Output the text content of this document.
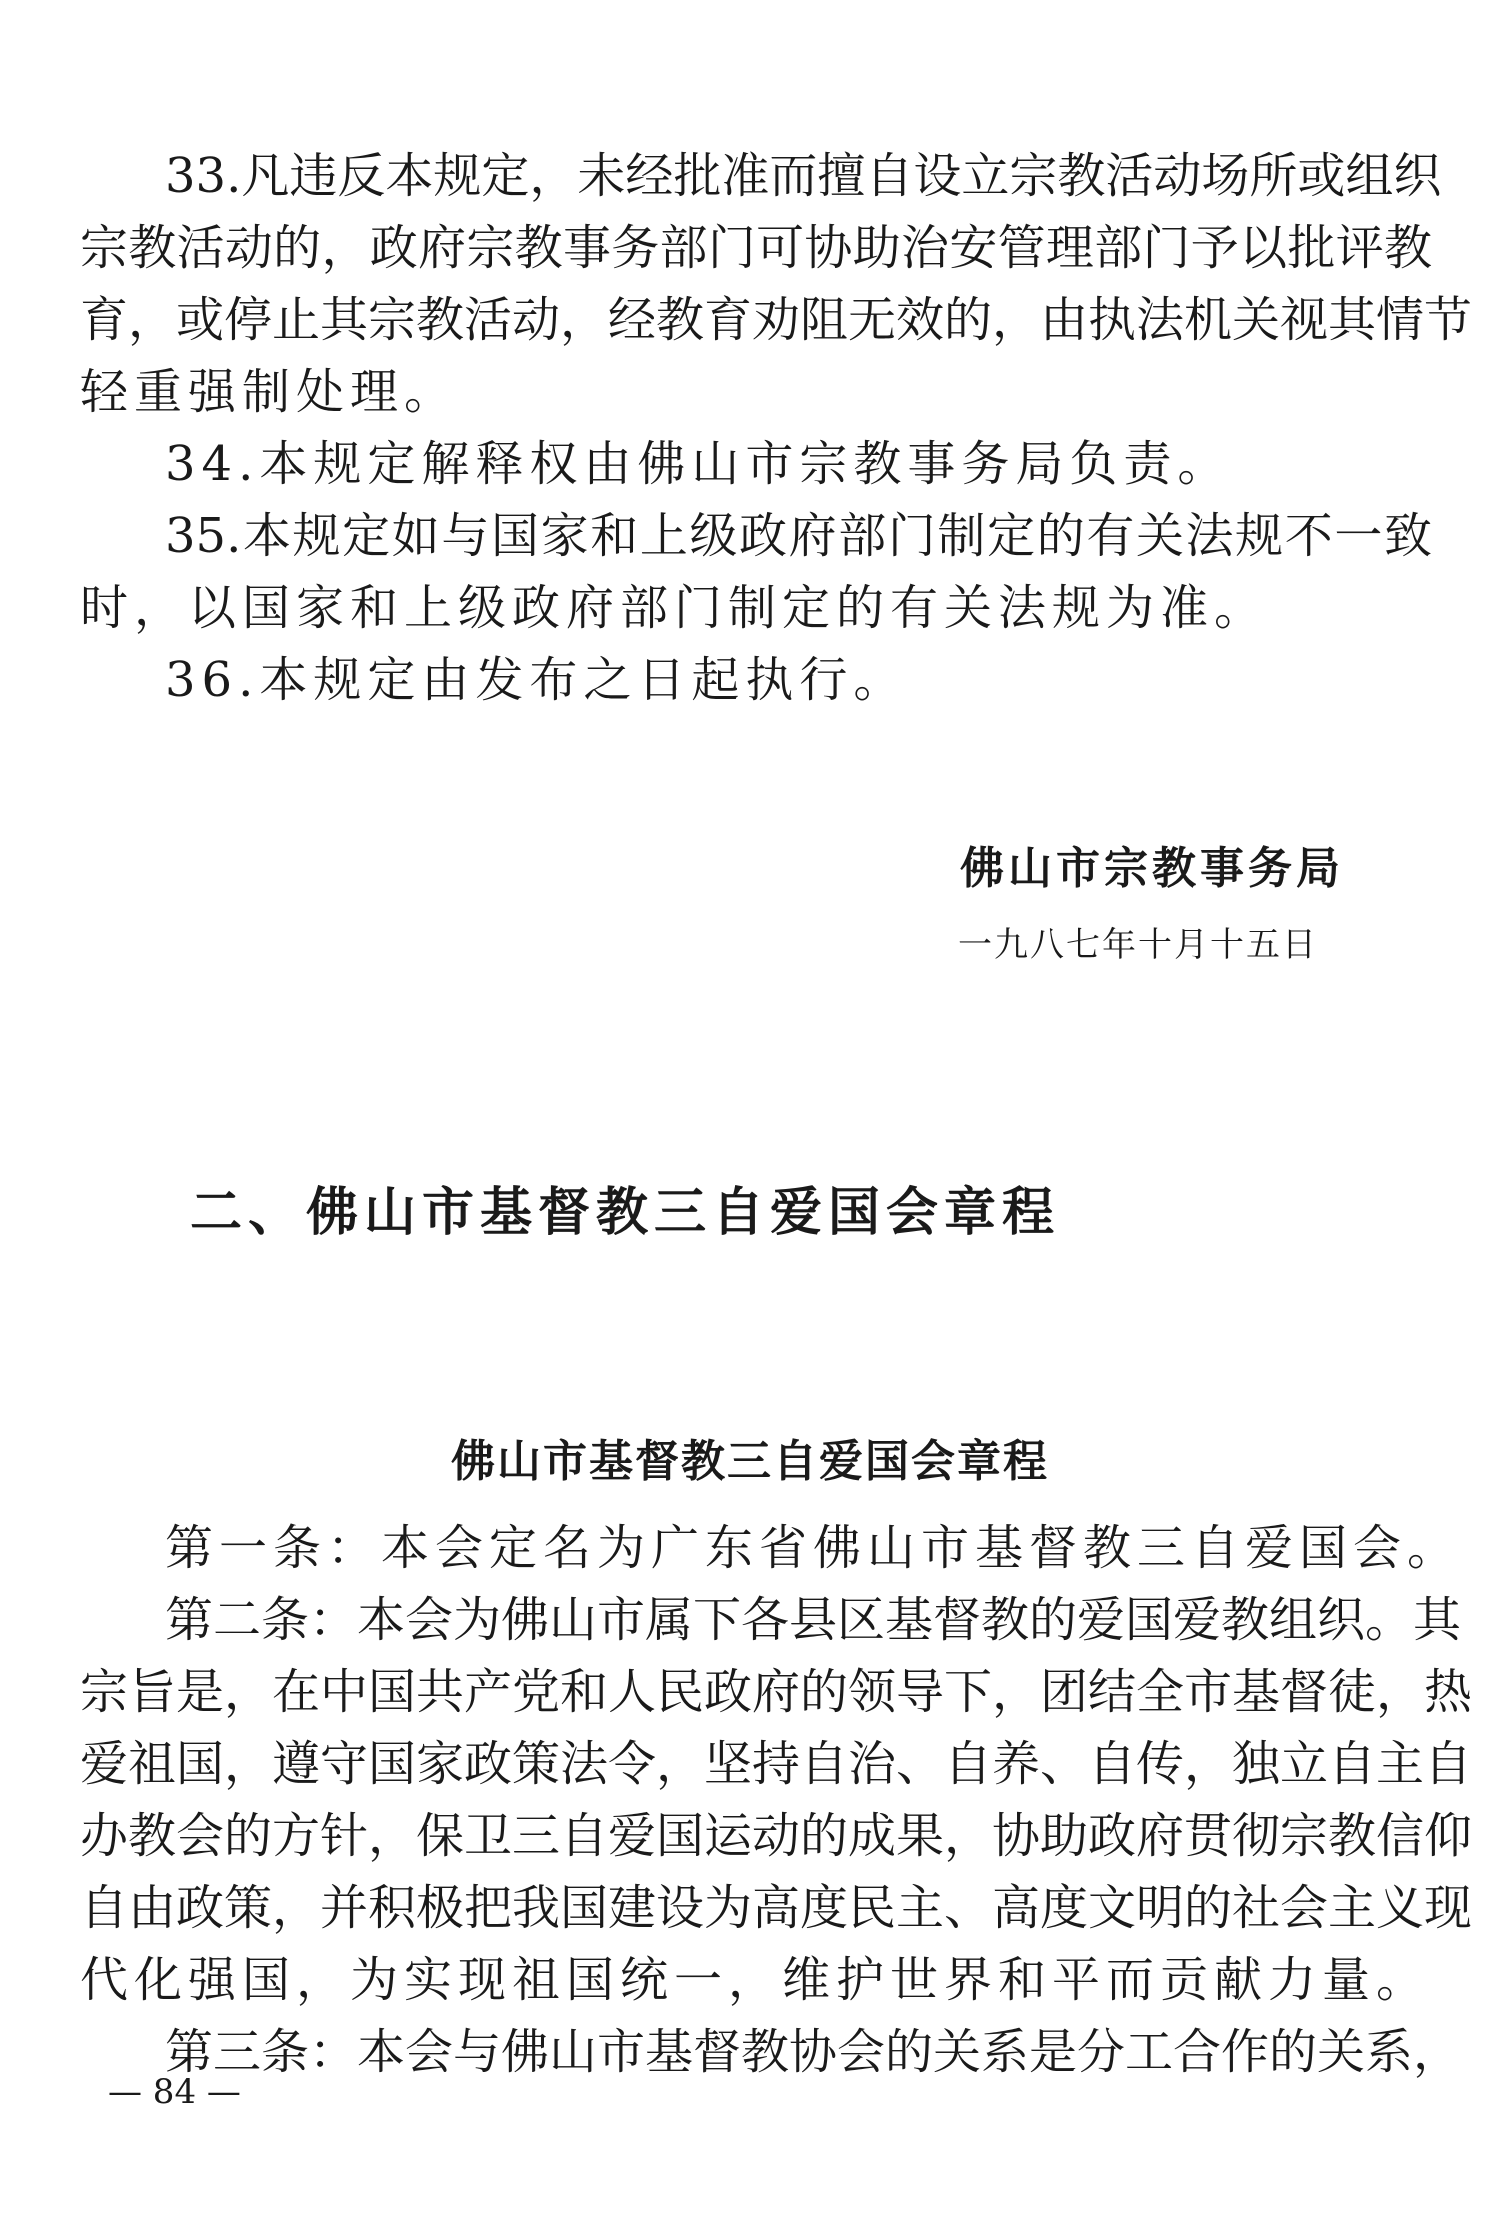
33.凡违反本规定，未经批准而擅自设立宗教活动场所或组织
宗教活动的，政府宗教事务部门可协助治安管理部门予以批评教
育，或停止其宗教活动，经教育劝阻无效的，由执法机关视其情节
轻重强制处理。
34.本规定解释权由佛山市宗教事务局负责。
35.本规定如与国家和上级政府部门制定的有关法规不一致
时，以国家和上级政府部门制定的有关法规为准。
36.本规定由发布之日起执行。
佛山市宗教事务局
一九八七年十月十五日
二、佛山市基督教三自爱国会章程
佛山市基督教三自爱国会章程
第一条：本会定名为广东省佛山市基督教三自爱国会。
第二条：本会为佛山市属下各县区基督教的爱国爱教组织。其
宗旨是，在中国共产党和人民政府的领导下，团结全市基督徒，热
爱祖国，遵守国家政策法令，坚持自治、自养、自传，独立自主自
办教会的方针，保卫三自爱国运动的成果，协助政府贯彻宗教信仰
自由政策，并积极把我国建设为高度民主、高度文明的社会主义现
代化强国，为实现祖国统一，维护世界和平而贡献力量。
第三条：本会与佛山市基督教协会的关系是分工合作的关系，
— 84 —
